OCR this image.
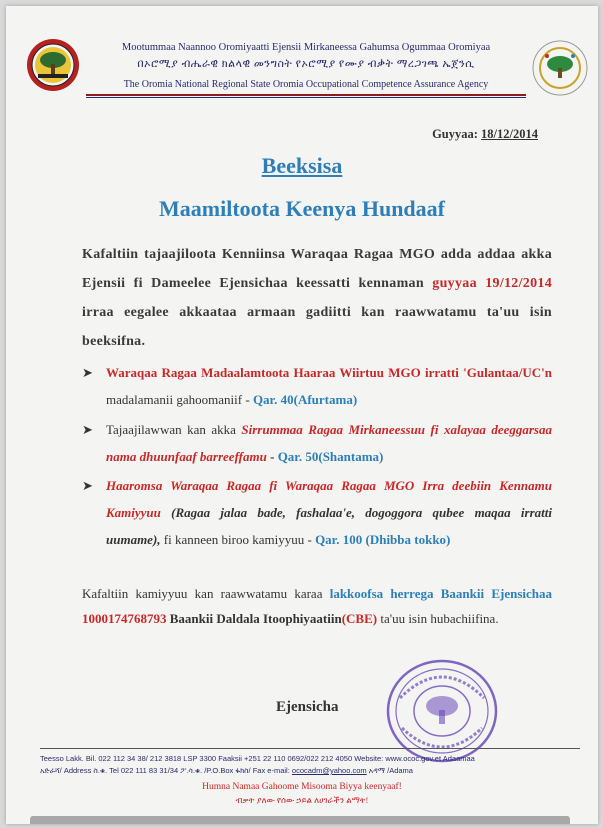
Mootummaa Naannoo Oromiyaatti Ejensii Mirkaneessa Gahumsa Ogummaa Oromiyaa
በኦሮሚያ ብሔራዊ ክልላዊ መንግስት የኦሮሚያ የሙያ ብቃት ማረጋገጫ ኤጀንሲ
The Oromia National Regional State Oromia Occupational Competence Assurance Agency
Guyyaa: 18/12/2014
Beeksisa
Maamiltoota Keenya Hundaaf
Kafaltiin tajaajiloota Kenniinsa Waraqaa Ragaa MGO adda addaa akka Ejensii fi Dameelee Ejensichaa keessatti kennaman guyyaa 19/12/2014 irraa eegalee akkaataa armaan gadiitti kan raawwatamu ta'uu isin beeksifna.
➤	Waraqaa Ragaa Madaalamtoota Haaraa Wiirtuu MGO irratti 'Gulantaa/UC'n madalamanii gahoomaniif - Qar. 40(Afurtama)
➤	Tajaajilawwan kan akka Sirrummaa Ragaa Mirkaneessuu fi xalayaa deeggarsaa nama dhuunfaaf barreeffamu - Qar. 50(Shantama)
➤	Haaromsa Waraqaa Ragaa fi Waraqaa Ragaa MGO Irra deebiin Kennamu Kamiyyuu (Ragaa jalaa bade, fashalaa'e, dogoggora qubee maqaa irratti uumame), fi kanneen biroo kamiyyuu - Qar. 100 (Dhibba tokko)
Kafaltiin kamiyyuu kan raawwatamu karaa lakkoofsa herrega Baankii Ejensichaa 1000174768793 Baankii Daldala Itoophiyaatiin(CBE) ta'uu isin hubachiifina.
Ejensicha
Teesso Lakk. Bil. 022 112 34 38/ 212 3818 LSP 3300 Faaksii +251 22 110 0692/022 212 4050 Website: www.ococ.gov.et Adaamaa
አድራሻ/ Address ስ.ቁ. Tel 022 111 83 31/34 ፖ.ሳ.ቁ. /P.O.Box ፋክስ/ Fax e-mail: ococadm@yahoo.com አዳማ /Adama
Humna Namaa Gahoome Misooma Biyya keenyaaf!
ብቃት ያለው የሰው ኃይል ለሀገራችን ልማት!
